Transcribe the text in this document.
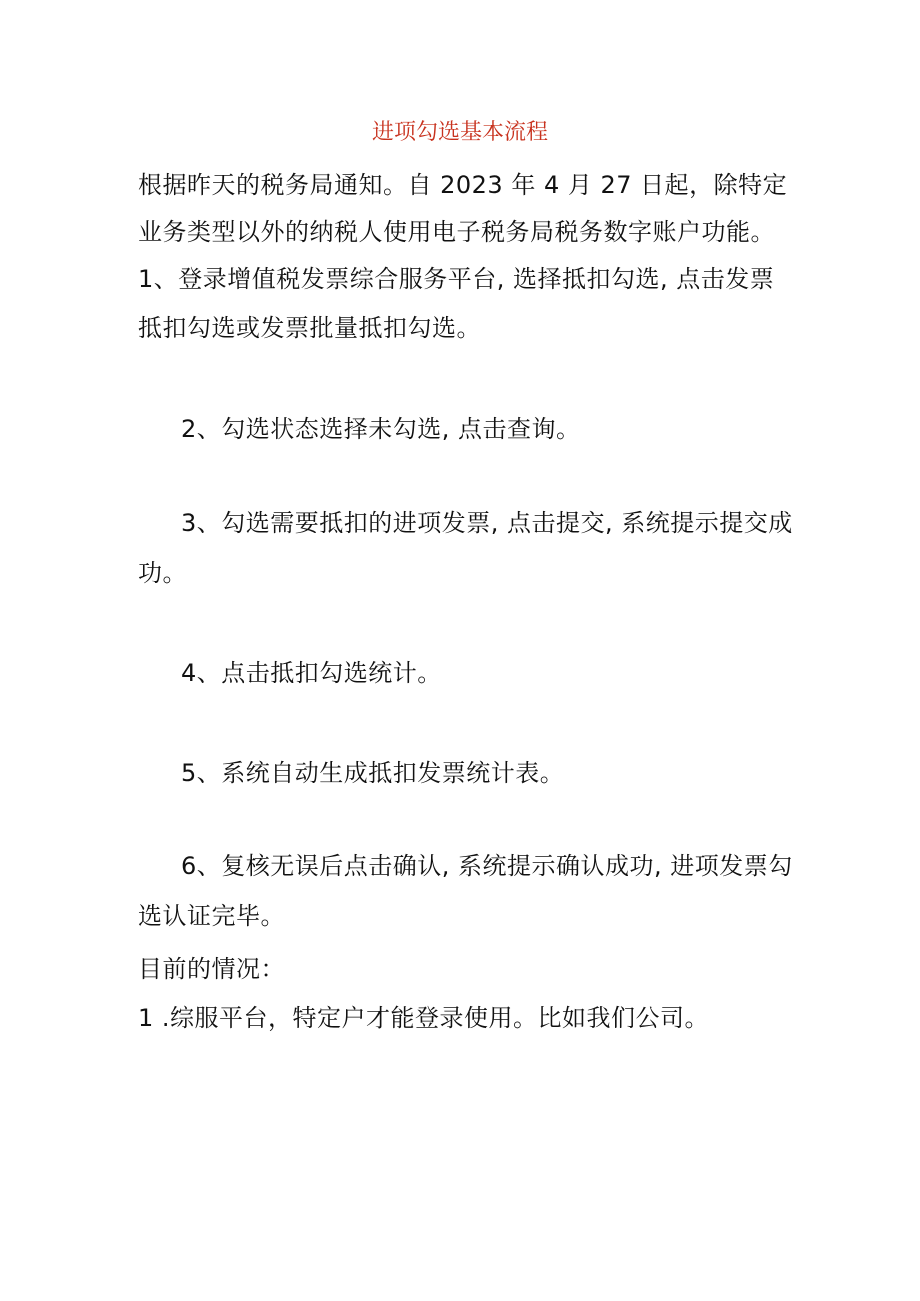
进项勾选基本流程
根据昨天的税务局通知。自 2023 年 4 月 27 日起，除特定
业务类型以外的纳税人使用电子税务局税务数字账户功能。
1、登录增值税发票综合服务平台, 选择抵扣勾选, 点击发票
抵扣勾选或发票批量抵扣勾选。
2、勾选状态选择未勾选, 点击查询。
3、勾选需要抵扣的进项发票, 点击提交, 系统提示提交成
功。
4、点击抵扣勾选统计。
5、系统自动生成抵扣发票统计表。
6、复核无误后点击确认, 系统提示确认成功, 进项发票勾
选认证完毕。
目前的情况：
1 .综服平台，特定户才能登录使用。比如我们公司。
